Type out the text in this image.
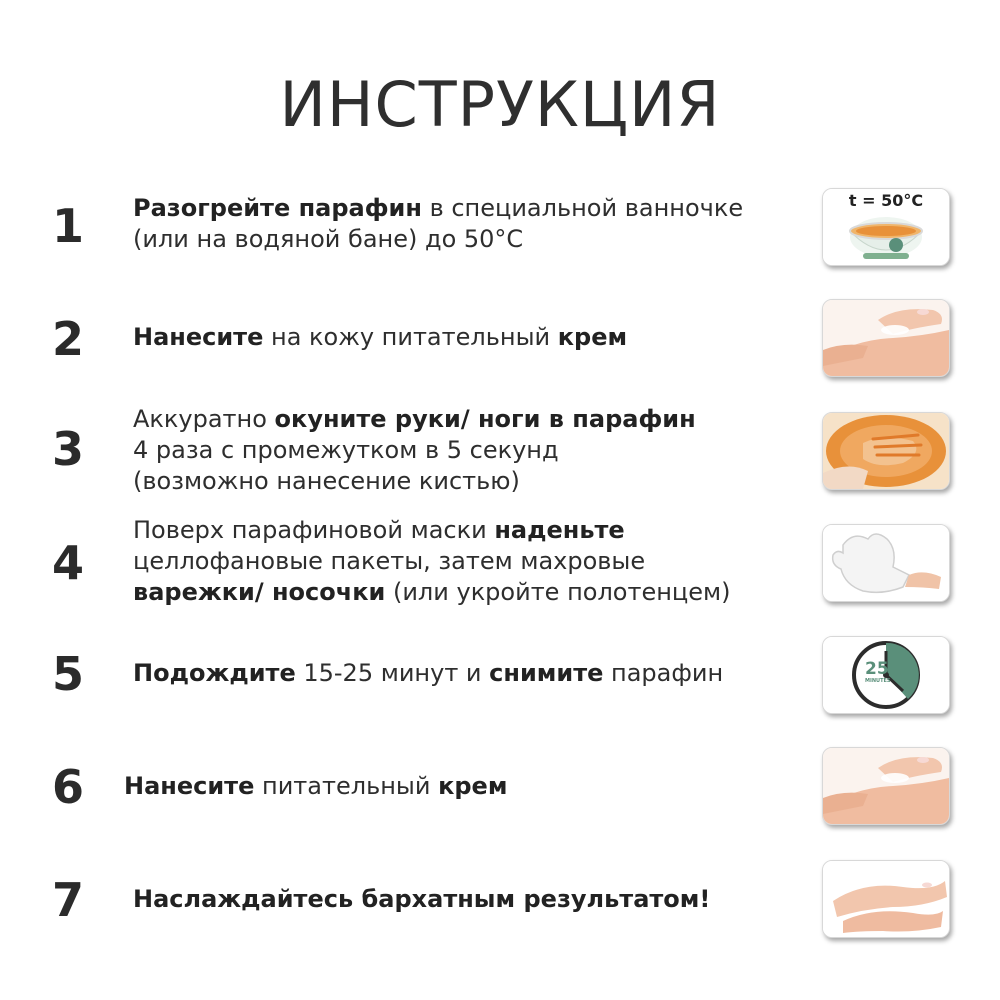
ИНСТРУКЦИЯ
1	Разогрейте парафин в специальной ванночке
(или на водяной бане) до 50°С
t = 50°C
2	Нанесите на кожу питательный крем
3
Аккуратно окуните руки/ ноги в парафин
4 раза с промежутком в 5 секунд
(возможно нанесение кистью)
4
Поверх парафиновой маски наденьте
целлофановые пакеты, затем махровые
варежки/ носочки (или укройте полотенцем)
5	Подождите 15-25 минут и снимите парафин	25
MINUTES
6	Нанесите питательный крем
7	Наслаждайтесь бархатным результатом!
